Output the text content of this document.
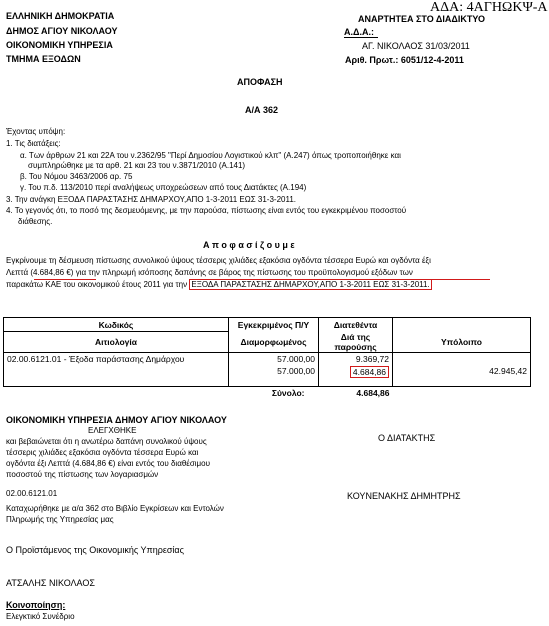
ΑΔΑ: 4ΑΓΗΩΚΨ-Α
ΕΛΛΗΝΙΚΗ ΔΗΜΟΚΡΑΤΙΑ
ΔΗΜΟΣ ΑΓΙΟΥ ΝΙΚΟΛΑΟΥ
ΟΙΚΟΝΟΜΙΚΗ ΥΠΗΡΕΣΙΑ
ΤΜΗΜΑ ΕΞΟΔΩΝ
ΑΝΑΡΤΗΤΕΑ ΣΤΟ ΔΙΑΔΙΚΤΥΟ
Α.Δ.Α.:
ΑΓ. ΝΙΚΟΛΑΟΣ 31/03/2011
Αριθ. Πρωτ.: 6051/12-4-2011
ΑΠΟΦΑΣΗ
Α/Α 362
Έχοντας υπόψη:
1. Τις διατάξεις:
α. Των άρθρων 21 και 22Α του ν.2362/95 "Περί Δημοσίου Λογιστικού κλπ" (Α.247) όπως τροποποιήθηκε και
συμπληρώθηκε με τα αρθ. 21 και 23 του ν.3871/2010 (Α.141)
β. Του Νόμου 3463/2006 αρ. 75
γ. Του π.δ. 113/2010 περί αναλήψεως υποχρεώσεων από τους Διατάκτες (Α.194)
3. Την ανάγκη ΕΞΟΔΑ ΠΑΡΑΣΤΑΣΗΣ ΔΗΜΑΡΧΟΥ,ΑΠΟ 1-3-2011 ΕΩΣ 31-3-2011.
4. Το γεγονός ότι, το ποσό της δεσμευόμενης, με την παρούσα, πίστωσης είναι εντός του εγκεκριμένου ποσοστού
διάθεσης.
Α π ο φ α σ ί ζ ο υ μ ε
Εγκρίνουμε τη δέσμευση πίστωσης συνολικού ύψους τέσσερις χιλιάδες εξακόσια ογδόντα τέσσερα Ευρώ και ογδόντα έξι
Λεπτά (4.684,86 €) για την πληρωμή ισόποσης δαπάνης σε βάρος της πίστωσης του προϋπολογισμού εξόδων των
παρακάτω ΚΑΕ του οικονομικού έτους 2011 για την ΕΞΟΔΑ ΠΑΡΑΣΤΑΣΗΣ ΔΗΜΑΡΧΟΥ,ΑΠΟ 1-3-2011 ΕΩΣ 31-3-2011.
Κωδικός	Εγκεκριμένος Π/Υ	Διατεθέντα	
Αιτιολογία	Διαμορφωμένος	Διά της παρούσης	Υπόλοιπο
02.00.6121.01 - Έξοδα παράστασης Δημάρχου	57.000,00	9.369,72	
	57.000,00	4.684,86	42.945,42
	Σύνολο:	4.684,86	
ΟΙΚΟΝΟΜΙΚΗ ΥΠΗΡΕΣΙΑ ΔΗΜΟΥ ΑΓΙΟΥ ΝΙΚΟΛΑΟΥ
ΕΛΕΓΧΘΗΚΕ
και βεβαιώνεται ότι η ανωτέρω δαπάνη συνολικού ύψους
τέσσερις χιλιάδες εξακόσια ογδόντα τέσσερα Ευρώ και
ογδόντα έξι Λεπτά (4.684,86 €) είναι εντός του διαθέσιμου
ποσοστού της πίστωσης των λογαριασμών
02.00.6121.01
Καταχωρήθηκε με α/α 362 στο Βιβλίο Εγκρίσεων και Εντολών
Πληρωμής της Υπηρεσίας μας
Ο Προϊστάμενος της Οικονομικής Υπηρεσίας
ΑΤΣΑΛΗΣ ΝΙΚΟΛΑΟΣ
Κοινοποίηση:
Ελεγκτικό Συνέδριο
Ο ΔΙΑΤΑΚΤΗΣ
ΚΟΥΝΕΝΑΚΗΣ ΔΗΜΗΤΡΗΣ
